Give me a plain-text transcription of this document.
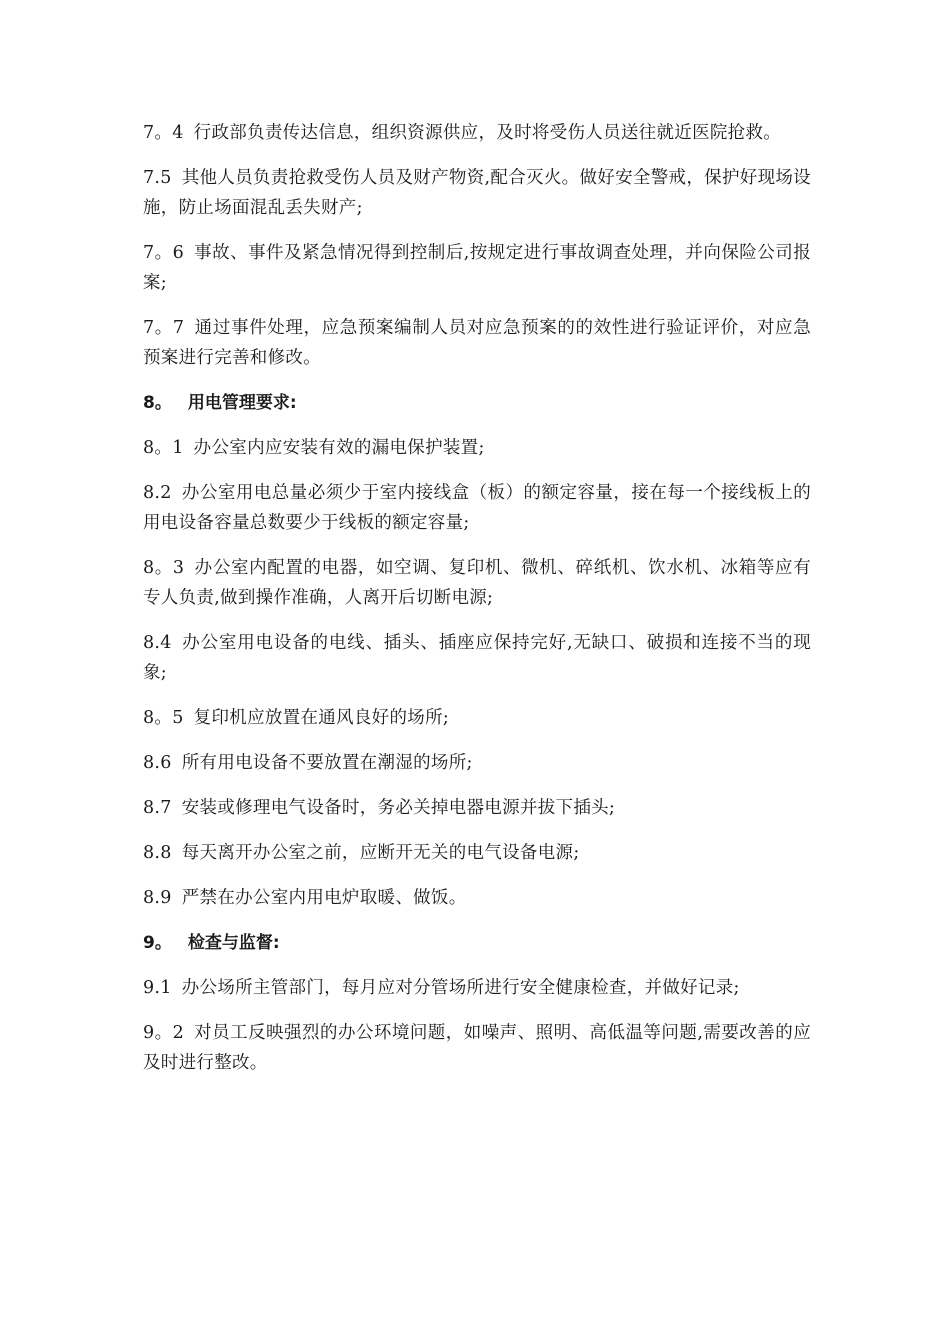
7。4 行政部负责传达信息，组织资源供应，及时将受伤人员送往就近医院抢救。

7.5 其他人员负责抢救受伤人员及财产物资,配合灭火。做好安全警戒，保护好现场设施，防止场面混乱丢失财产;

7。6 事故、事件及紧急情况得到控制后,按规定进行事故调查处理，并向保险公司报案;

7。7 通过事件处理，应急预案编制人员对应急预案的的效性进行验证评价，对应急预案进行完善和修改。

8。 用电管理要求:

8。1 办公室内应安装有效的漏电保护装置;

8.2 办公室用电总量必须少于室内接线盒（板）的额定容量，接在每一个接线板上的用电设备容量总数要少于线板的额定容量;

8。3 办公室内配置的电器，如空调、复印机、微机、碎纸机、饮水机、冰箱等应有专人负责,做到操作准确，人离开后切断电源;

8.4 办公室用电设备的电线、插头、插座应保持完好,无缺口、破损和连接不当的现象;

8。5 复印机应放置在通风良好的场所;

8.6 所有用电设备不要放置在潮湿的场所;

8.7 安装或修理电气设备时，务必关掉电器电源并拔下插头;

8.8 每天离开办公室之前，应断开无关的电气设备电源;

8.9 严禁在办公室内用电炉取暖、做饭。

9。 检查与监督:

9.1 办公场所主管部门，每月应对分管场所进行安全健康检查，并做好记录;

9。2 对员工反映强烈的办公环境问题，如噪声、照明、高低温等问题,需要改善的应及时进行整改。
